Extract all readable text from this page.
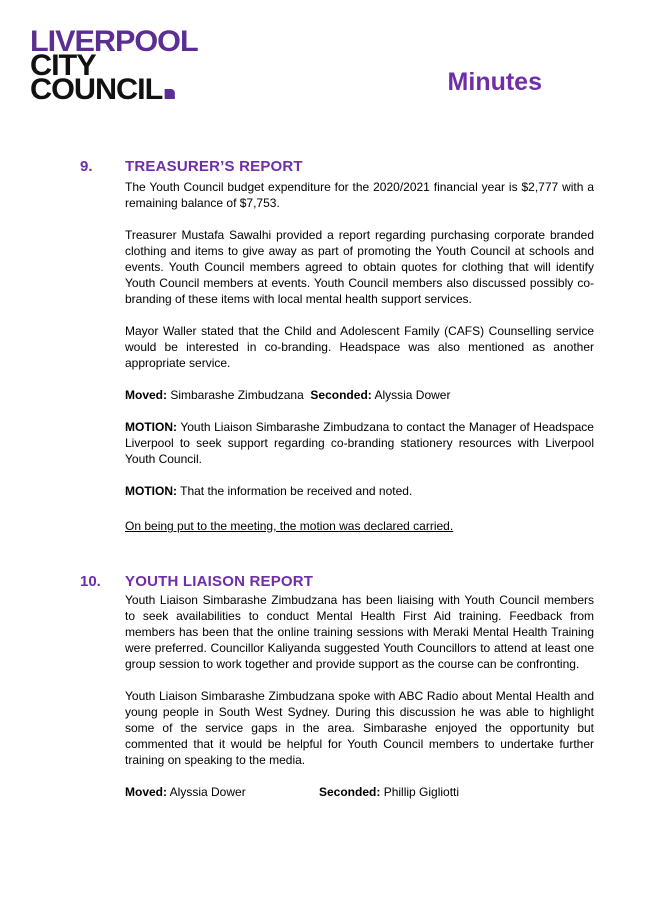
LIVERPOOL
CITY
COUNCIL	Minutes
9. TREASURER’S REPORT

The Youth Council budget expenditure for the 2020/2021 financial year is $2,777 with a remaining balance of $7,753.

Treasurer Mustafa Sawalhi provided a report regarding purchasing corporate branded clothing and items to give away as part of promoting the Youth Council at schools and events. Youth Council members agreed to obtain quotes for clothing that will identify Youth Council members at events. Youth Council members also discussed possibly co-branding of these items with local mental health support services.

Mayor Waller stated that the Child and Adolescent Family (CAFS) Counselling service would be interested in co-branding. Headspace was also mentioned as another appropriate service.

Moved: Simbarashe Zimbudzana Seconded: Alyssia Dower

MOTION: Youth Liaison Simbarashe Zimbudzana to contact the Manager of Headspace Liverpool to seek support regarding co-branding stationery resources with Liverpool Youth Council.

MOTION: That the information be received and noted.

On being put to the meeting, the motion was declared carried.

10. YOUTH LIAISON REPORT

Youth Liaison Simbarashe Zimbudzana has been liaising with Youth Council members to seek availabilities to conduct Mental Health First Aid training. Feedback from members has been that the online training sessions with Meraki Mental Health Training were preferred. Councillor Kaliyanda suggested Youth Councillors to attend at least one group session to work together and provide support as the course can be confronting.

Youth Liaison Simbarashe Zimbudzana spoke with ABC Radio about Mental Health and young people in South West Sydney. During this discussion he was able to highlight some of the service gaps in the area. Simbarashe enjoyed the opportunity but commented that it would be helpful for Youth Council members to undertake further training on speaking to the media.

Moved: Alyssia Dower	Seconded: Phillip Gigliotti
